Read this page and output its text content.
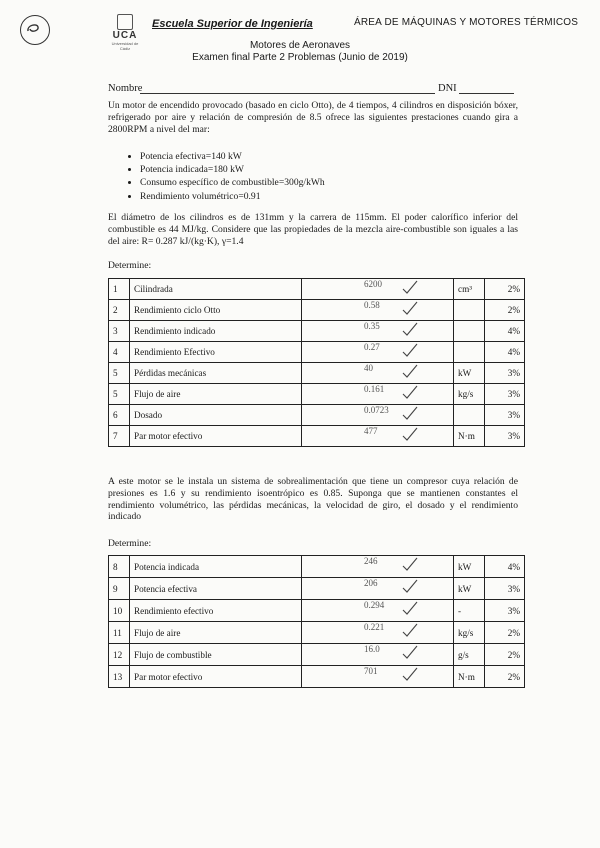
UCA
Universidad de Cádiz
Escuela Superior de Ingeniería	ÁREA DE MÁQUINAS Y MOTORES TÉRMICOS
Motores de Aeronaves
Examen final Parte 2 Problemas (Junio de 2019)
Nombre	DNI
Un motor de encendido provocado (basado en ciclo Otto), de 4 tiempos, 4 cilindros en disposición bóxer, refrigerado por aire y relación de compresión de 8.5 ofrece las siguientes prestaciones cuando gira a 2800RPM a nivel del mar:
• Potencia efectiva=140 kW
• Potencia indicada=180 kW
• Consumo específico de combustible=300g/kWh
• Rendimiento volumétrico=0.91
El diámetro de los cilindros es de 131mm y la carrera de 115mm. El poder calorífico inferior del combustible es 44 MJ/kg. Considere que las propiedades de la mezcla aire-combustible son iguales a las del aire: R= 0.287 kJ/(kg·K), γ=1.4
Determine:
1	Cilindrada	6200	cm³	2%
2	Rendimiento ciclo Otto	0.58		2%
3	Rendimiento indicado	0.35		4%
4	Rendimiento Efectivo	0.27		4%
5	Pérdidas mecánicas	40	kW	3%
5	Flujo de aire	0.161	kg/s	3%
6	Dosado	0.0723		3%
7	Par motor efectivo	477	N·m	3%
A este motor se le instala un sistema de sobrealimentación que tiene un compresor cuya relación de presiones es 1.6 y su rendimiento isoentrópico es 0.85. Suponga que se mantienen constantes el rendimiento volumétrico, las pérdidas mecánicas, la velocidad de giro, el dosado y el rendimiento indicado
Determine:
8	Potencia indicada	246	kW	4%
9	Potencia efectiva	206	kW	3%
10	Rendimiento efectivo	0.294	-	3%
11	Flujo de aire	0.221	kg/s	2%
12	Flujo de combustible	16.0	g/s	2%
13	Par motor efectivo	701	N·m	2%
